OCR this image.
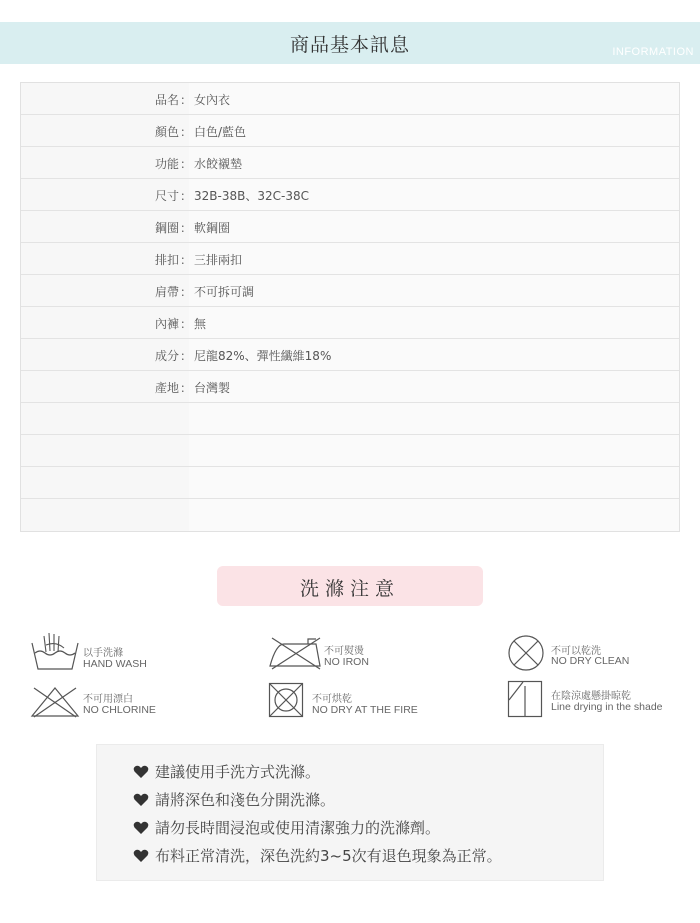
商品基本訊息	INFORMATION
品名 ： 女內衣
顏色 ： 白色/藍色
功能 ： 水餃襯墊
尺寸 ： 32B-38B、32C-38C
鋼圈 ： 軟鋼圈
排扣 ： 三排兩扣
肩帶 ： 不可拆可調
內褲 ： 無
成分 ： 尼龍82%、彈性纖維18%
產地 ： 台灣製
洗滌注意
以手洗滌
HAND WASH
不可熨燙
NO IRON
不可以乾洗
NO DRY CLEAN
不可用漂白
NO CHLORINE
不可烘乾
NO DRY AT THE FIRE
在陰涼處懸掛晾乾
Line drying in the shade
建議使用手洗方式洗滌。
請將深色和淺色分開洗滌。
請勿長時間浸泡或使用清潔強力的洗滌劑。
布料正常清洗，深色洗約3~5次有退色現象為正常。
